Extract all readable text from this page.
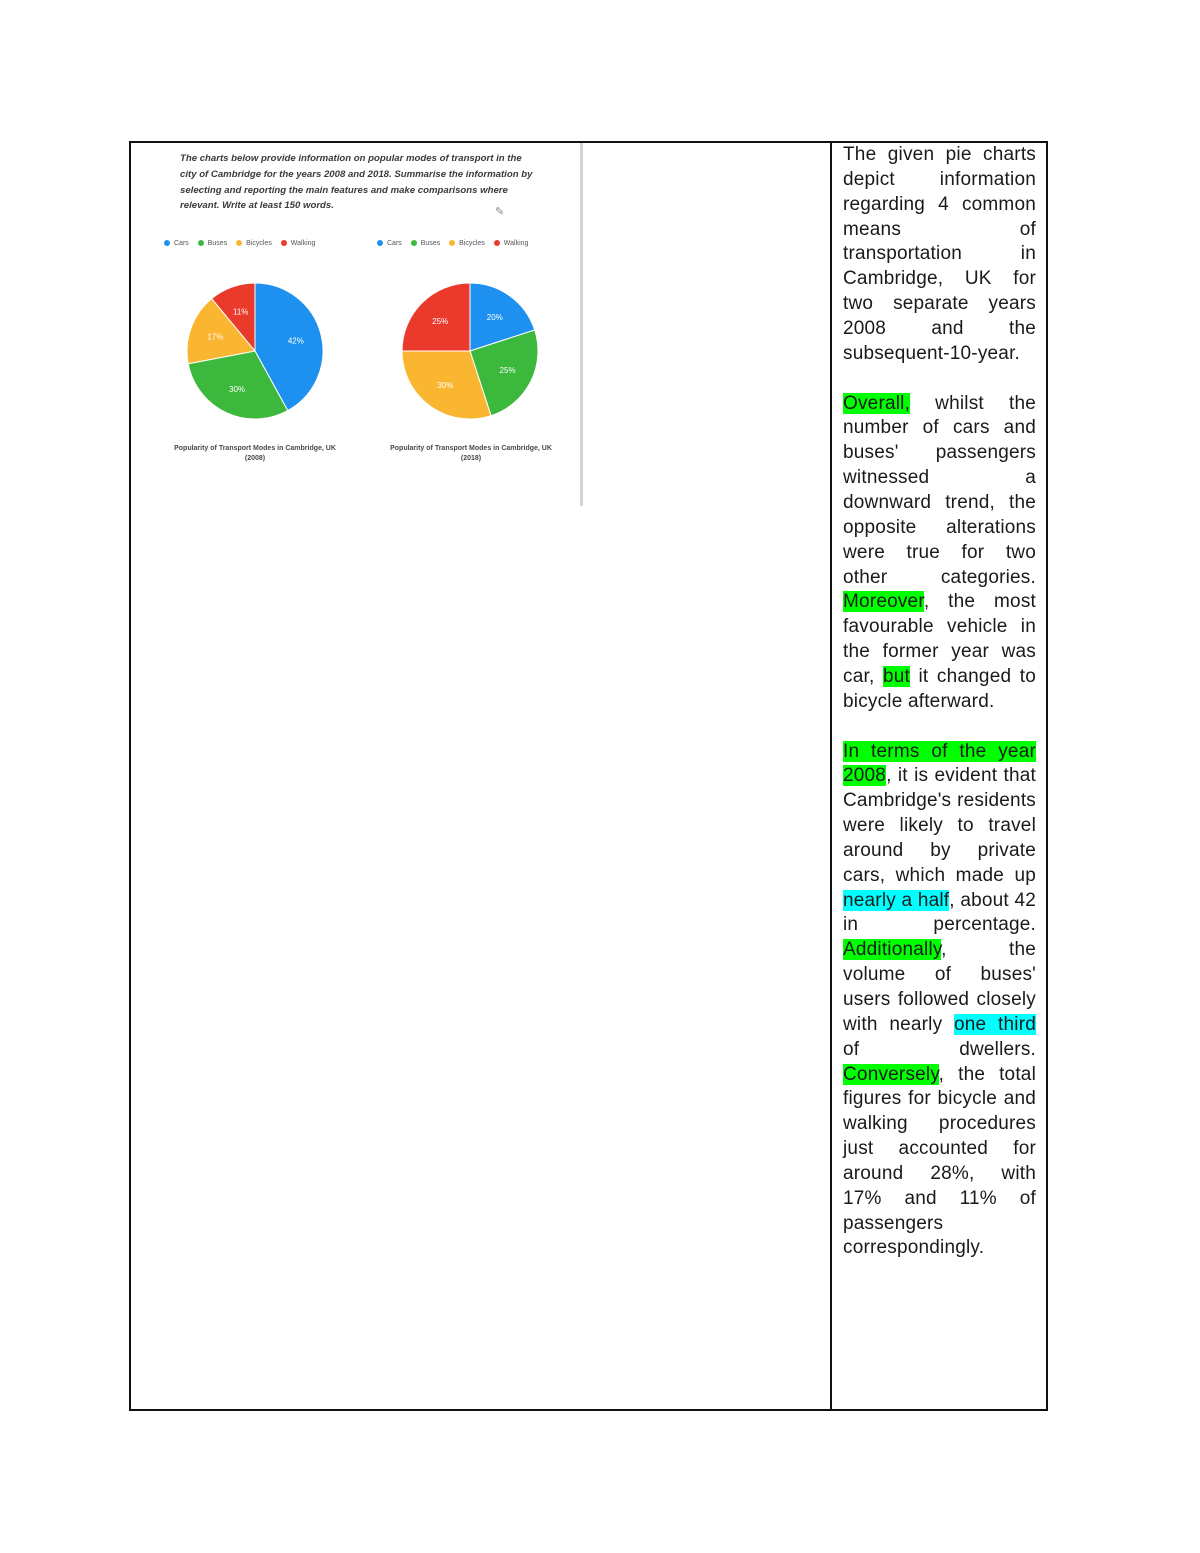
The charts below provide information on popular modes of transport in the city of Cambridge for the years 2008 and 2018. Summarise the information by selecting and reporting the main features and make comparisons where relevant. Write at least 150 words.
✎
Cars	Buses	Bicycles	Walking	Cars	Buses	Bicycles	Walking
42%
30%
17%
11%
20%
25%
30%
25%
Popularity of Transport Modes in Cambridge, UK (2008)
Popularity of Transport Modes in Cambridge, UK (2018)

The given pie charts depict information regarding 4 common means of transportation in Cambridge, UK for two separate years 2008 and the subsequent-10-year.

Overall, whilst the number of cars and buses' passengers witnessed a downward trend, the opposite alterations were true for two other categories. Moreover, the most favourable vehicle in the former year was car, but it changed to bicycle afterward.

In terms of the year 2008, it is evident that Cambridge's residents were likely to travel around by private cars, which made up nearly a half, about 42 in percentage. Additionally, the volume of buses' users followed closely with nearly one third of dwellers. Conversely, the total figures for bicycle and walking procedures just accounted for around 28%, with 17% and 11% of passengers correspondingly.
